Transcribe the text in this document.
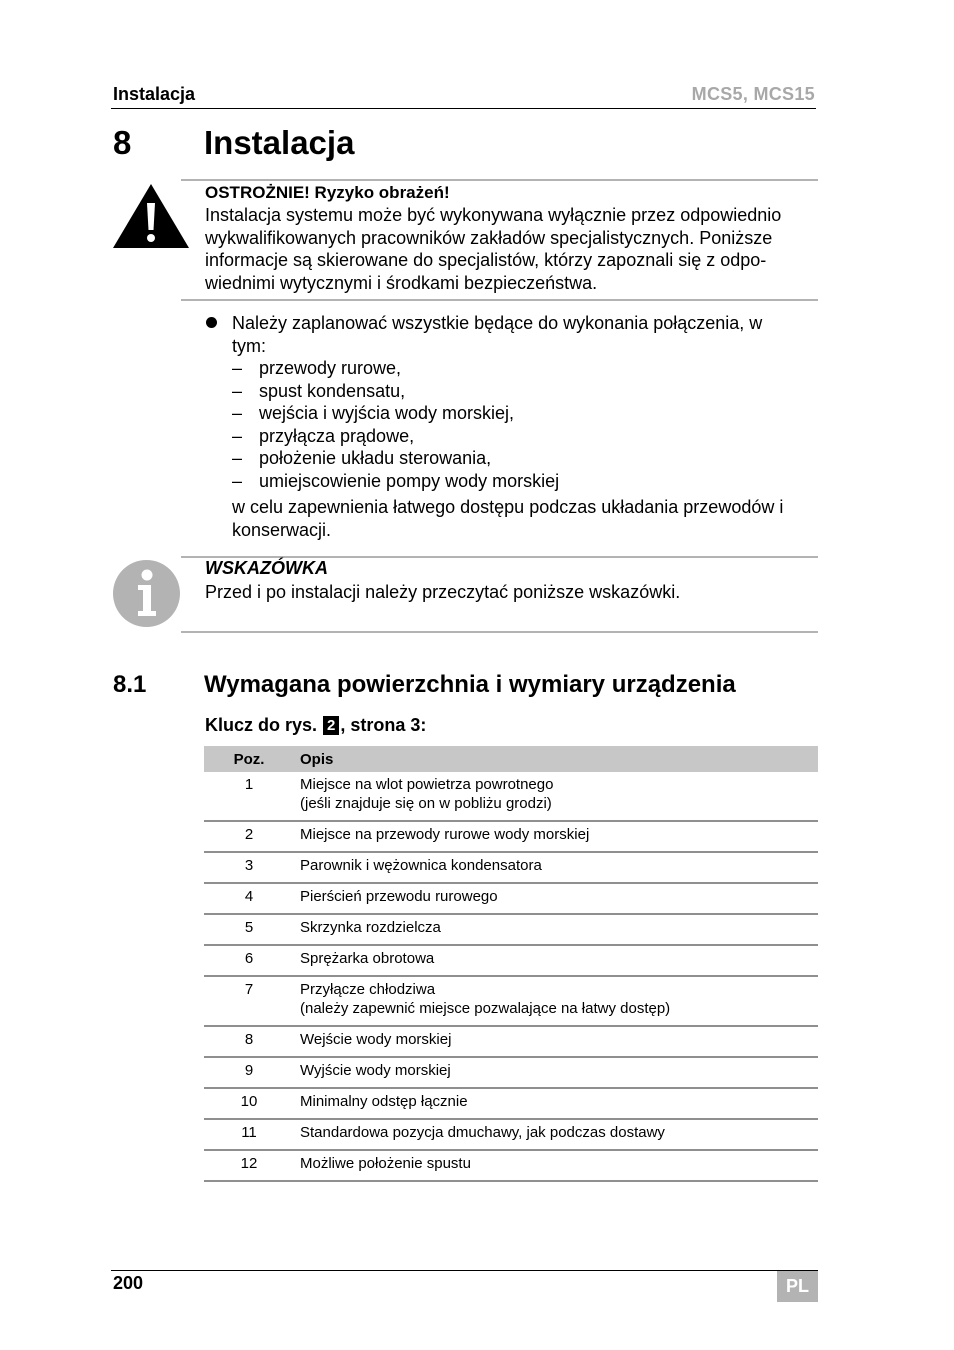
Instalacja	MCS5, MCS15
8 Instalacja
OSTROŻNIE! Ryzyko obrażeń!
Instalacja systemu może być wykonywana wyłącznie przez odpowiednio
wykwalifikowanych pracowników zakładów specjalistycznych. Poniższe
informacje są skierowane do specjalistów, którzy zapoznali się z odpo-
wiednimi wytycznymi i środkami bezpieczeństwa.
Należy zaplanować wszystkie będące do wykonania połączenia, w
tym:
– przewody rurowe,
– spust kondensatu,
– wejścia i wyjścia wody morskiej,
– przyłącza prądowe,
– położenie układu sterowania,
– umiejscowienie pompy wody morskiej
w celu zapewnienia łatwego dostępu podczas układania przewodów i
konserwacji.
WSKAZÓWKA
Przed i po instalacji należy przeczytać poniższe wskazówki.
8.1 Wymagana powierzchnia i wymiary urządzenia
Klucz do rys. 2 , strona 3:
Poz.	Opis
1	Miejsce na wlot powietrza powrotnego
(jeśli znajduje się on w pobliżu grodzi)

2	Miejsce na przewody rurowe wody morskiej

3	Parownik i wężownica kondensatora

4	Pierścień przewodu rurowego

5	Skrzynka rozdzielcza

6	Sprężarka obrotowa

7	Przyłącze chłodziwa
(należy zapewnić miejsce pozwalające na łatwy dostęp)

8	Wejście wody morskiej

9	Wyjście wody morskiej

10	Minimalny odstęp łącznie

11	Standardowa pozycja dmuchawy, jak podczas dostawy

12	Możliwe położenie spustu
200	PL
